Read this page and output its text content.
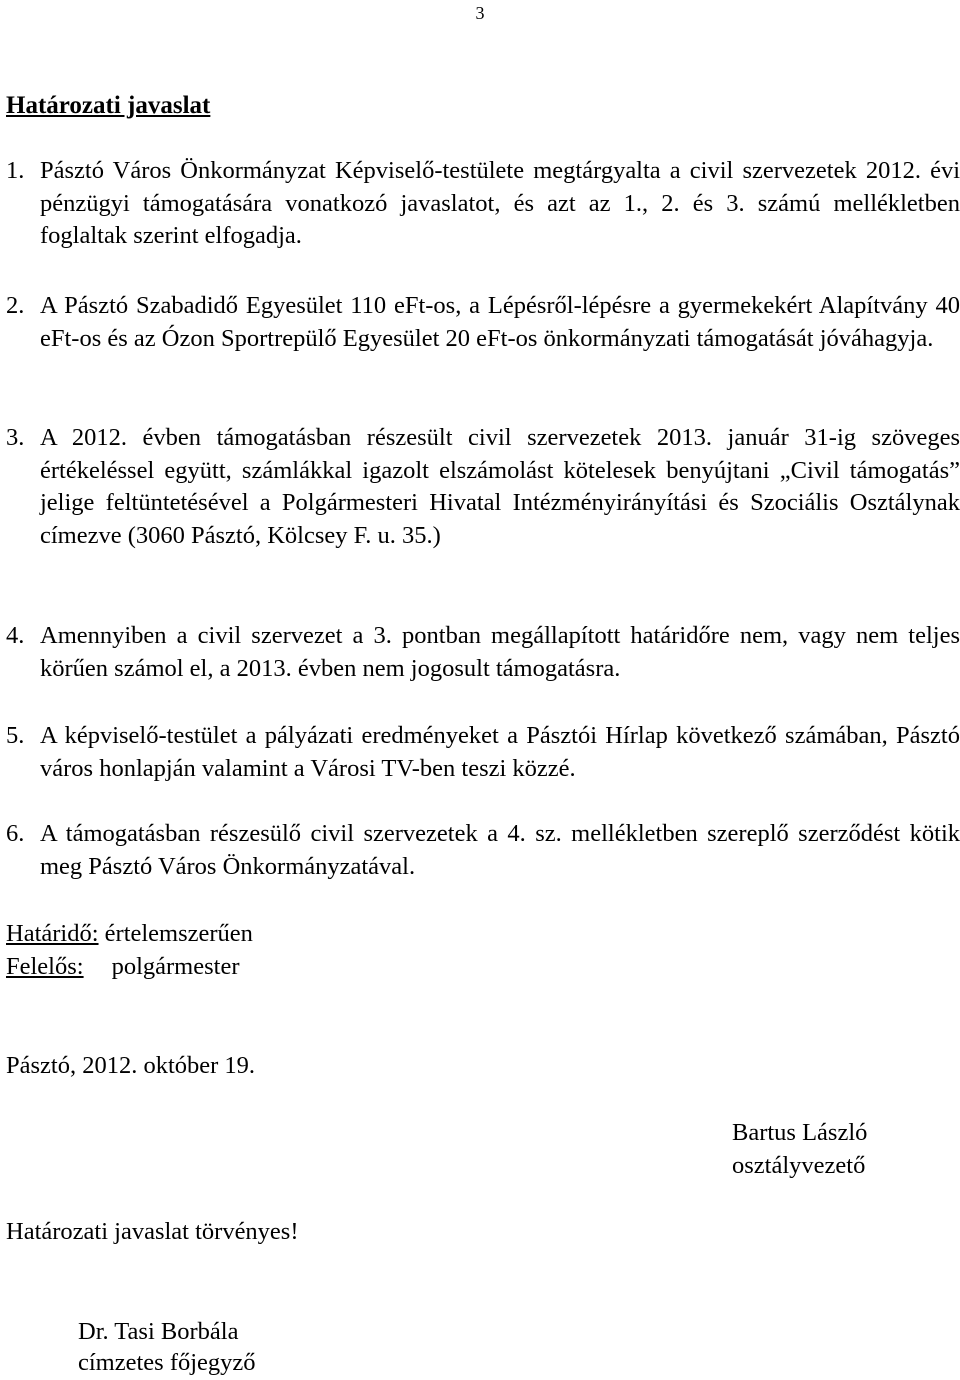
3
Határozati javaslat
1. Pásztó Város Önkormányzat Képviselő-testülete megtárgyalta a civil szervezetek 2012. évi pénzügyi támogatására vonatkozó javaslatot, és azt az 1., 2. és 3. számú mellékletben foglaltak szerint elfogadja.
2. A Pásztó Szabadidő Egyesület 110 eFt-os, a Lépésről-lépésre a gyermekekért Alapítvány 40 eFt-os és az Ózon Sportrepülő Egyesület 20 eFt-os önkormányzati támogatását jóváhagyja.
3. A 2012. évben támogatásban részesült civil szervezetek 2013. január 31-ig szöveges értékeléssel együtt, számlákkal igazolt elszámolást kötelesek benyújtani „Civil támogatás” jelige feltüntetésével a Polgármesteri Hivatal Intézményirányítási és Szociális Osztálynak címezve (3060 Pásztó, Kölcsey F. u. 35.)
4. Amennyiben a civil szervezet a 3. pontban megállapított határidőre nem, vagy nem teljes körűen számol el, a 2013. évben nem jogosult támogatásra.
5. A képviselő-testület a pályázati eredményeket a Pásztói Hírlap következő számában, Pásztó város honlapján valamint a Városi TV-ben teszi közzé.
6. A támogatásban részesülő civil szervezetek a 4. sz. mellékletben szereplő szerződést kötik meg Pásztó Város Önkormányzatával.
Határidő: értelemszerűen
Felelős: polgármester
Pásztó, 2012. október 19.
Bartus László
osztályvezető
Határozati javaslat törvényes!
Dr. Tasi Borbála
címzetes főjegyző
